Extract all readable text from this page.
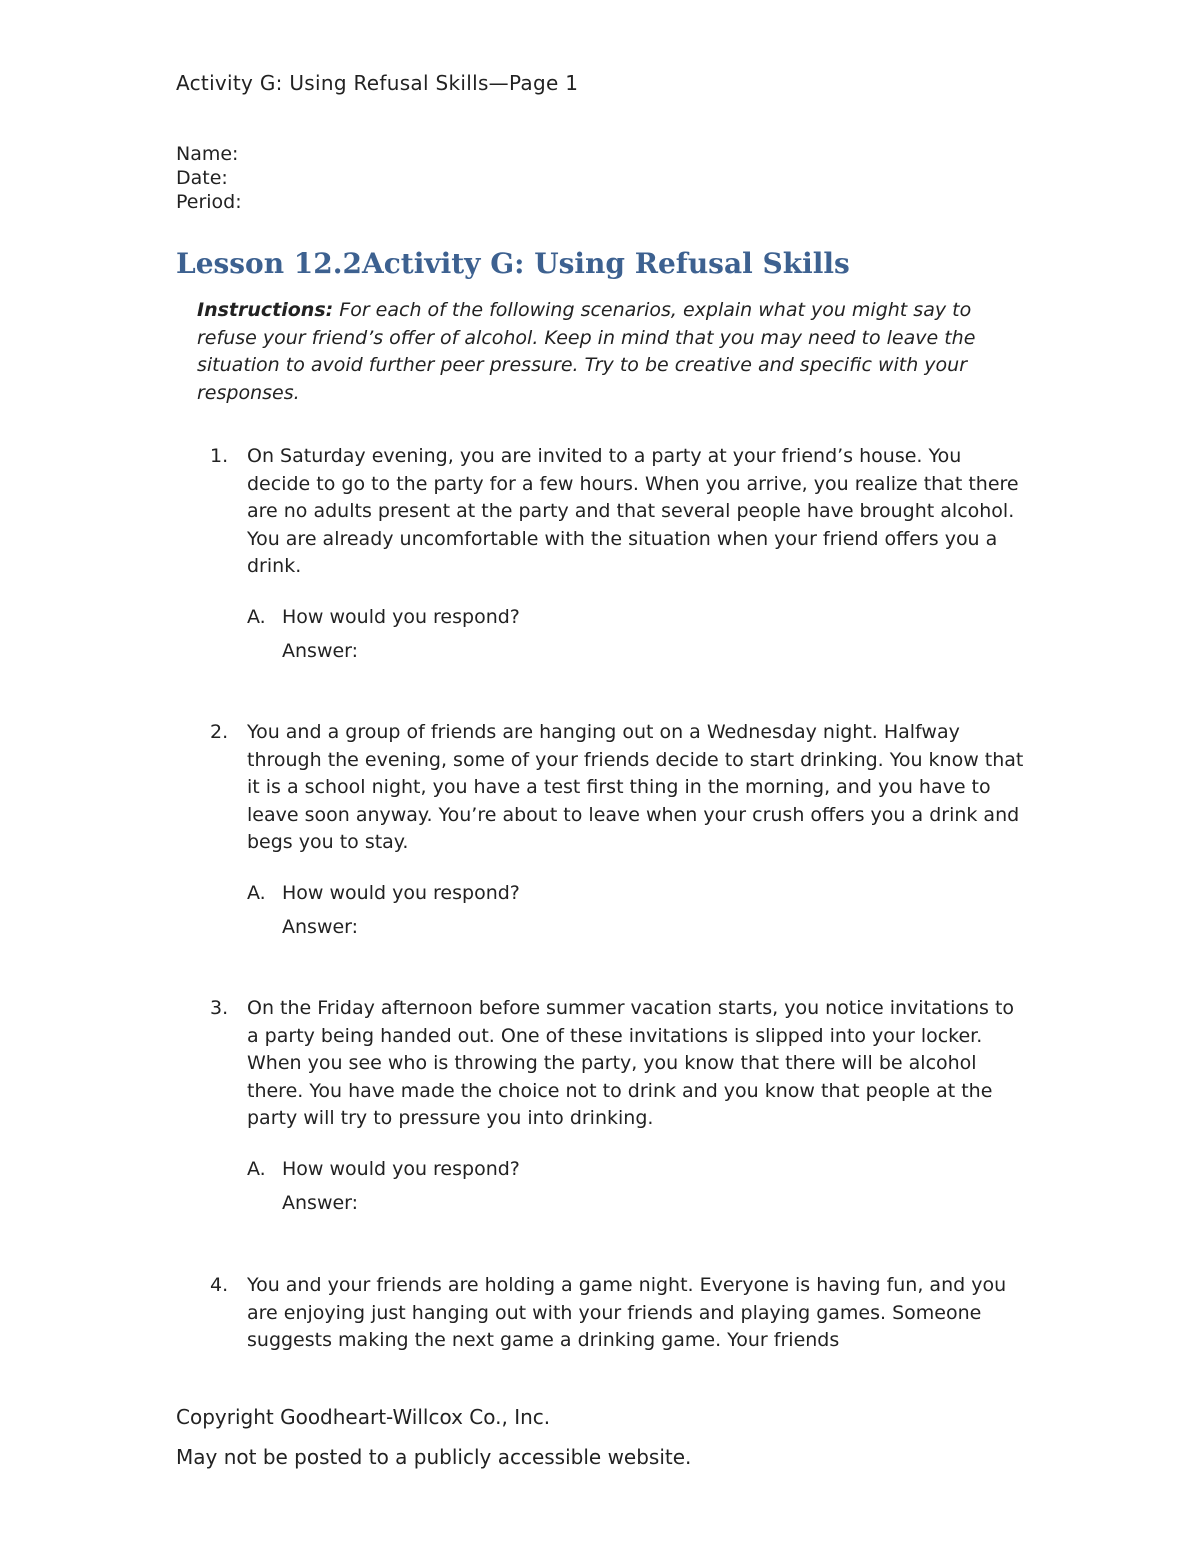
Activity G: Using Refusal Skills—Page 1
Name:
Date:
Period:
Lesson 12.2Activity G: Using Refusal Skills
Instructions: For each of the following scenarios, explain what you might say to refuse your friend’s offer of alcohol. Keep in mind that you may need to leave the situation to avoid further peer pressure. Try to be creative and specific with your responses.
1. On Saturday evening, you are invited to a party at your friend’s house. You decide to go to the party for a few hours. When you arrive, you realize that there are no adults present at the party and that several people have brought alcohol. You are already uncomfortable with the situation when your friend offers you a drink.
A. How would you respond?
Answer:
2. You and a group of friends are hanging out on a Wednesday night. Halfway through the evening, some of your friends decide to start drinking. You know that it is a school night, you have a test first thing in the morning, and you have to leave soon anyway. You’re about to leave when your crush offers you a drink and begs you to stay.
A. How would you respond?
Answer:
3. On the Friday afternoon before summer vacation starts, you notice invitations to a party being handed out. One of these invitations is slipped into your locker. When you see who is throwing the party, you know that there will be alcohol there. You have made the choice not to drink and you know that people at the party will try to pressure you into drinking.
A. How would you respond?
Answer:
4. You and your friends are holding a game night. Everyone is having fun, and you are enjoying just hanging out with your friends and playing games. Someone suggests making the next game a drinking game. Your friends
Copyright Goodheart-Willcox Co., Inc.
May not be posted to a publicly accessible website.
